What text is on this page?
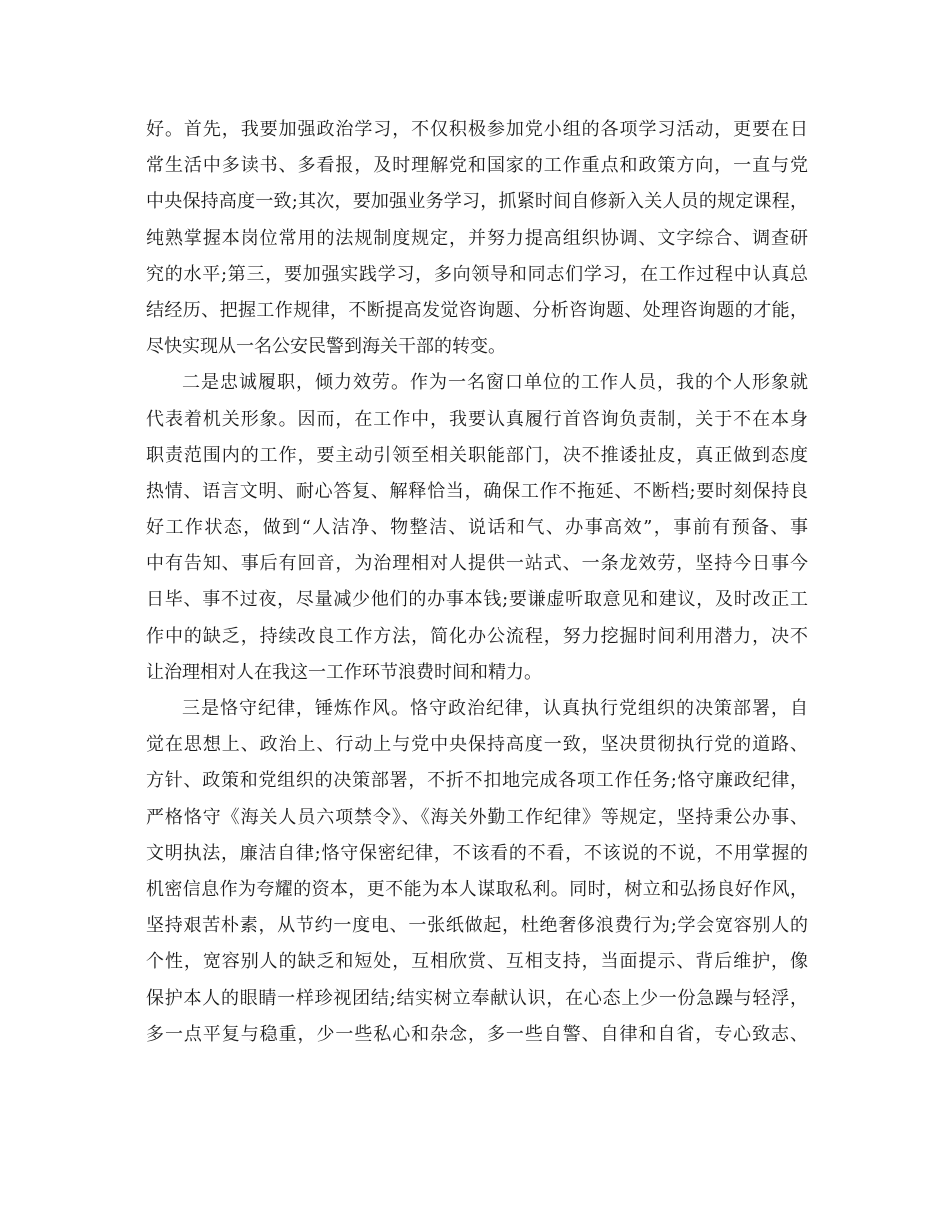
好。首先，我要加强政治学习，不仅积极参加党小组的各项学习活动，更要在日
常生活中多读书、多看报，及时理解党和国家的工作重点和政策方向，一直与党
中央保持高度一致;其次，要加强业务学习，抓紧时间自修新入关人员的规定课程，
纯熟掌握本岗位常用的法规制度规定，并努力提高组织协调、文字综合、调查研
究的水平;第三，要加强实践学习，多向领导和同志们学习，在工作过程中认真总
结经历、把握工作规律，不断提高发觉咨询题、分析咨询题、处理咨询题的才能，
尽快实现从一名公安民警到海关干部的转变。
二是忠诚履职，倾力效劳。作为一名窗口单位的工作人员，我的个人形象就
代表着机关形象。因而，在工作中，我要认真履行首咨询负责制，关于不在本身
职责范围内的工作，要主动引领至相关职能部门，决不推诿扯皮，真正做到态度
热情、语言文明、耐心答复、解释恰当，确保工作不拖延、不断档;要时刻保持良
好工作状态，做到“人洁净、物整洁、说话和气、办事高效”，事前有预备、事
中有告知、事后有回音，为治理相对人提供一站式、一条龙效劳，坚持今日事今
日毕、事不过夜，尽量减少他们的办事本钱;要谦虚听取意见和建议，及时改正工
作中的缺乏，持续改良工作方法，简化办公流程，努力挖掘时间利用潜力，决不
让治理相对人在我这一工作环节浪费时间和精力。
三是恪守纪律，锤炼作风。恪守政治纪律，认真执行党组织的决策部署，自
觉在思想上、政治上、行动上与党中央保持高度一致，坚决贯彻执行党的道路、
方针、政策和党组织的决策部署，不折不扣地完成各项工作任务;恪守廉政纪律，
严格恪守《海关人员六项禁令》、《海关外勤工作纪律》等规定，坚持秉公办事、
文明执法，廉洁自律;恪守保密纪律，不该看的不看，不该说的不说，不用掌握的
机密信息作为夸耀的资本，更不能为本人谋取私利。同时，树立和弘扬良好作风，
坚持艰苦朴素，从节约一度电、一张纸做起，杜绝奢侈浪费行为;学会宽容别人的
个性，宽容别人的缺乏和短处，互相欣赏、互相支持，当面提示、背后维护，像
保护本人的眼睛一样珍视团结;结实树立奉献认识，在心态上少一份急躁与轻浮，
多一点平复与稳重，少一些私心和杂念，多一些自警、自律和自省，专心致志、
